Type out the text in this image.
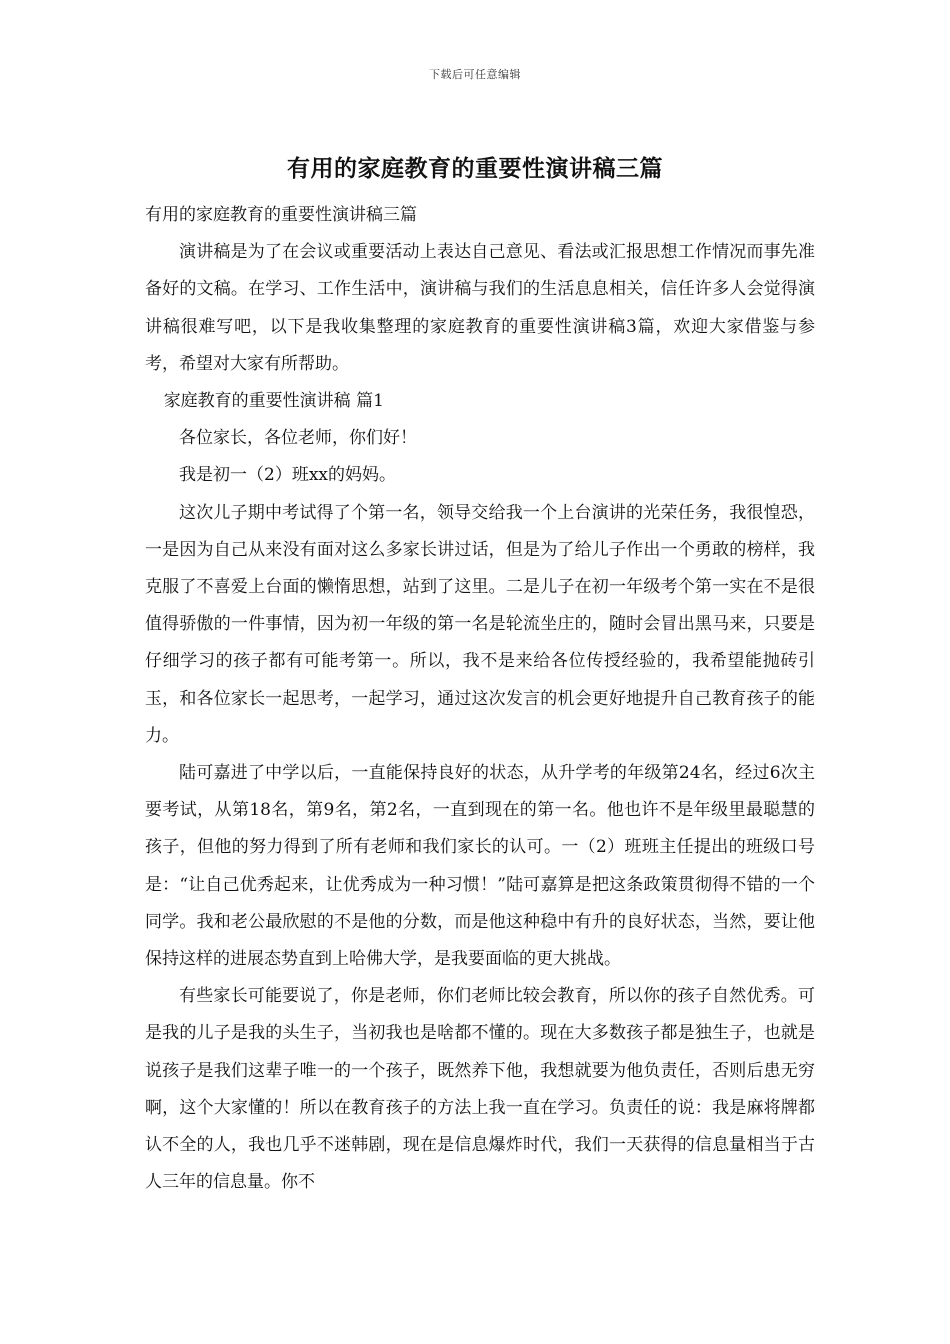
下载后可任意编辑
有用的家庭教育的重要性演讲稿三篇

有用的家庭教育的重要性演讲稿三篇

演讲稿是为了在会议或重要活动上表达自己意见、看法或汇报思想工作情况而事先准备好的文稿。在学习、工作生活中，演讲稿与我们的生活息息相关，信任许多人会觉得演讲稿很难写吧，以下是我收集整理的家庭教育的重要性演讲稿3篇，欢迎大家借鉴与参考，希望对大家有所帮助。

家庭教育的重要性演讲稿 篇1

各位家长，各位老师，你们好！

我是初一（2）班xx的妈妈。

这次儿子期中考试得了个第一名，领导交给我一个上台演讲的光荣任务，我很惶恐，一是因为自己从来没有面对这么多家长讲过话，但是为了给儿子作出一个勇敢的榜样，我克服了不喜爱上台面的懒惰思想，站到了这里。二是儿子在初一年级考个第一实在不是很值得骄傲的一件事情，因为初一年级的第一名是轮流坐庄的，随时会冒出黑马来，只要是仔细学习的孩子都有可能考第一。所以，我不是来给各位传授经验的，我希望能抛砖引玉，和各位家长一起思考，一起学习，通过这次发言的机会更好地提升自己教育孩子的能力。

陆可嘉进了中学以后，一直能保持良好的状态，从升学考的年级第24名，经过6次主要考试，从第18名，第9名，第2名，一直到现在的第一名。他也许不是年级里最聪慧的孩子，但他的努力得到了所有老师和我们家长的认可。一（2）班班主任提出的班级口号是：“让自己优秀起来，让优秀成为一种习惯！”陆可嘉算是把这条政策贯彻得不错的一个同学。我和老公最欣慰的不是他的分数，而是他这种稳中有升的良好状态，当然，要让他保持这样的进展态势直到上哈佛大学，是我要面临的更大挑战。

有些家长可能要说了，你是老师，你们老师比较会教育，所以你的孩子自然优秀。可是我的儿子是我的头生子，当初我也是啥都不懂的。现在大多数孩子都是独生子，也就是说孩子是我们这辈子唯一的一个孩子，既然养下他，我想就要为他负责任，否则后患无穷啊，这个大家懂的！所以在教育孩子的方法上我一直在学习。负责任的说：我是麻将牌都认不全的人，我也几乎不迷韩剧，现在是信息爆炸时代，我们一天获得的信息量相当于古人三年的信息量。你不
